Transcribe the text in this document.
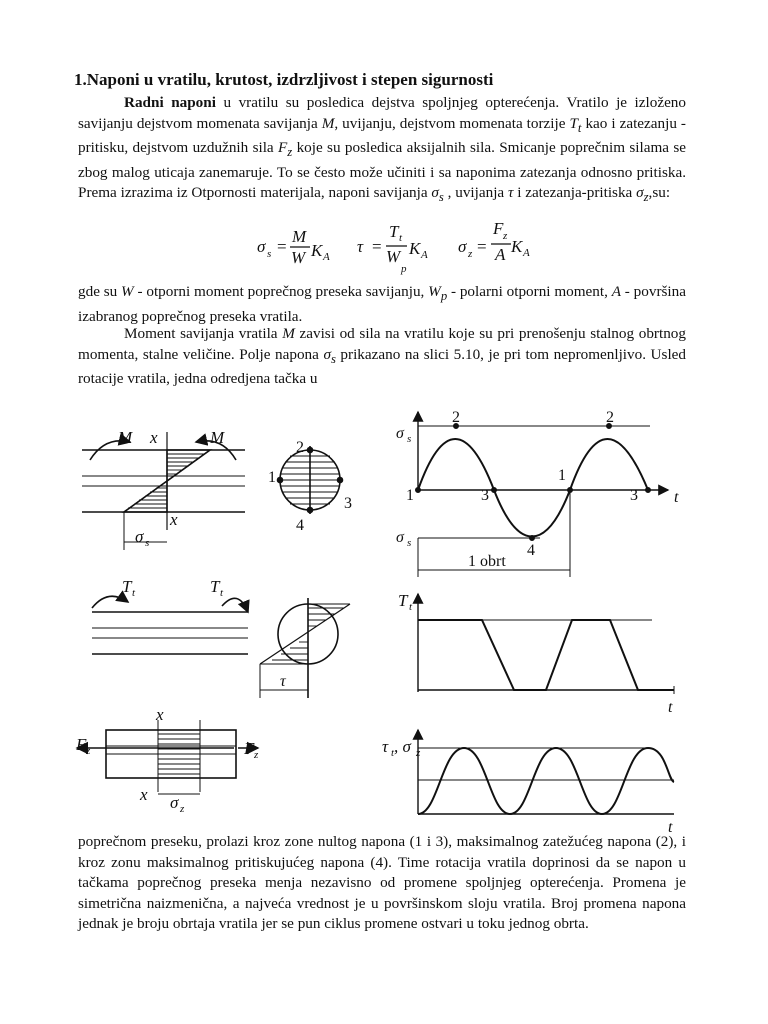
1.Naponi u vratilu, krutost, izdrzljivost i stepen sigurnosti

Radni naponi u vratilu su posledica dejstva spoljnjeg opterećenja. Vratilo je izloženo savijanju dejstvom momenata savijanja M, uvijanju, dejstvom momenata torzije $T_t$ kao i zatezanju - pritisku, dejstvom uzdužnih sila $F_z$ koje su posledica aksijalnih sila. Smicanje poprečnim silama se zbog malog uticaja zanemaruje. To se često može učiniti i sa naponima zatezanja odnosno pritiska. Prema izrazima iz Otpornosti materijala, naponi savijanja $\sigma_s$ , uvijanja τ i zatezanja-pritiska $\sigma_z,su$:

σ s =
M
W K A
τ =
T t
W
p
K A σ z =
F z
A K A

gde su W - otporni moment poprečnog preseka savijanju, $W_p$ - polarni otporni moment, A - površina izabranog poprečnog preseka vratila.

Moment savijanja vratila M zavisi od sila na vratilu koje su pri prenošenju stalnog obrtnog momenta, stalne veličine. Polje napona $\sigma_s$ prikazano na slici 5.10, je pri tom nepromenljivo. Usled rotacije vratila, jedna odredjena tačka u

M x	M
x
σ s
2
1
3
4
σ s
2	2
1
1
3	3 t
σ s	4
1 obrt
T t	T t
τ
T t
t
x
F z	F z
x σ z
τ t , σ z
t

poprečnom preseku, prolazi kroz zone nultog napona (1 i 3), maksimalnog zatežućeg napona (2), i kroz zonu maksimalnog pritiskujućeg napona (4). Time rotacija vratila doprinosi da se napon u tačkama poprečnog preseka menja nezavisno od promene spoljnjeg opterećenja. Promena je simetrična naizmenična, a najveća vrednost je u površinskom sloju vratila. Broj promena napona jednak je broju obrtaja vratila jer se pun ciklus promene ostvari u toku jednog obrta.
